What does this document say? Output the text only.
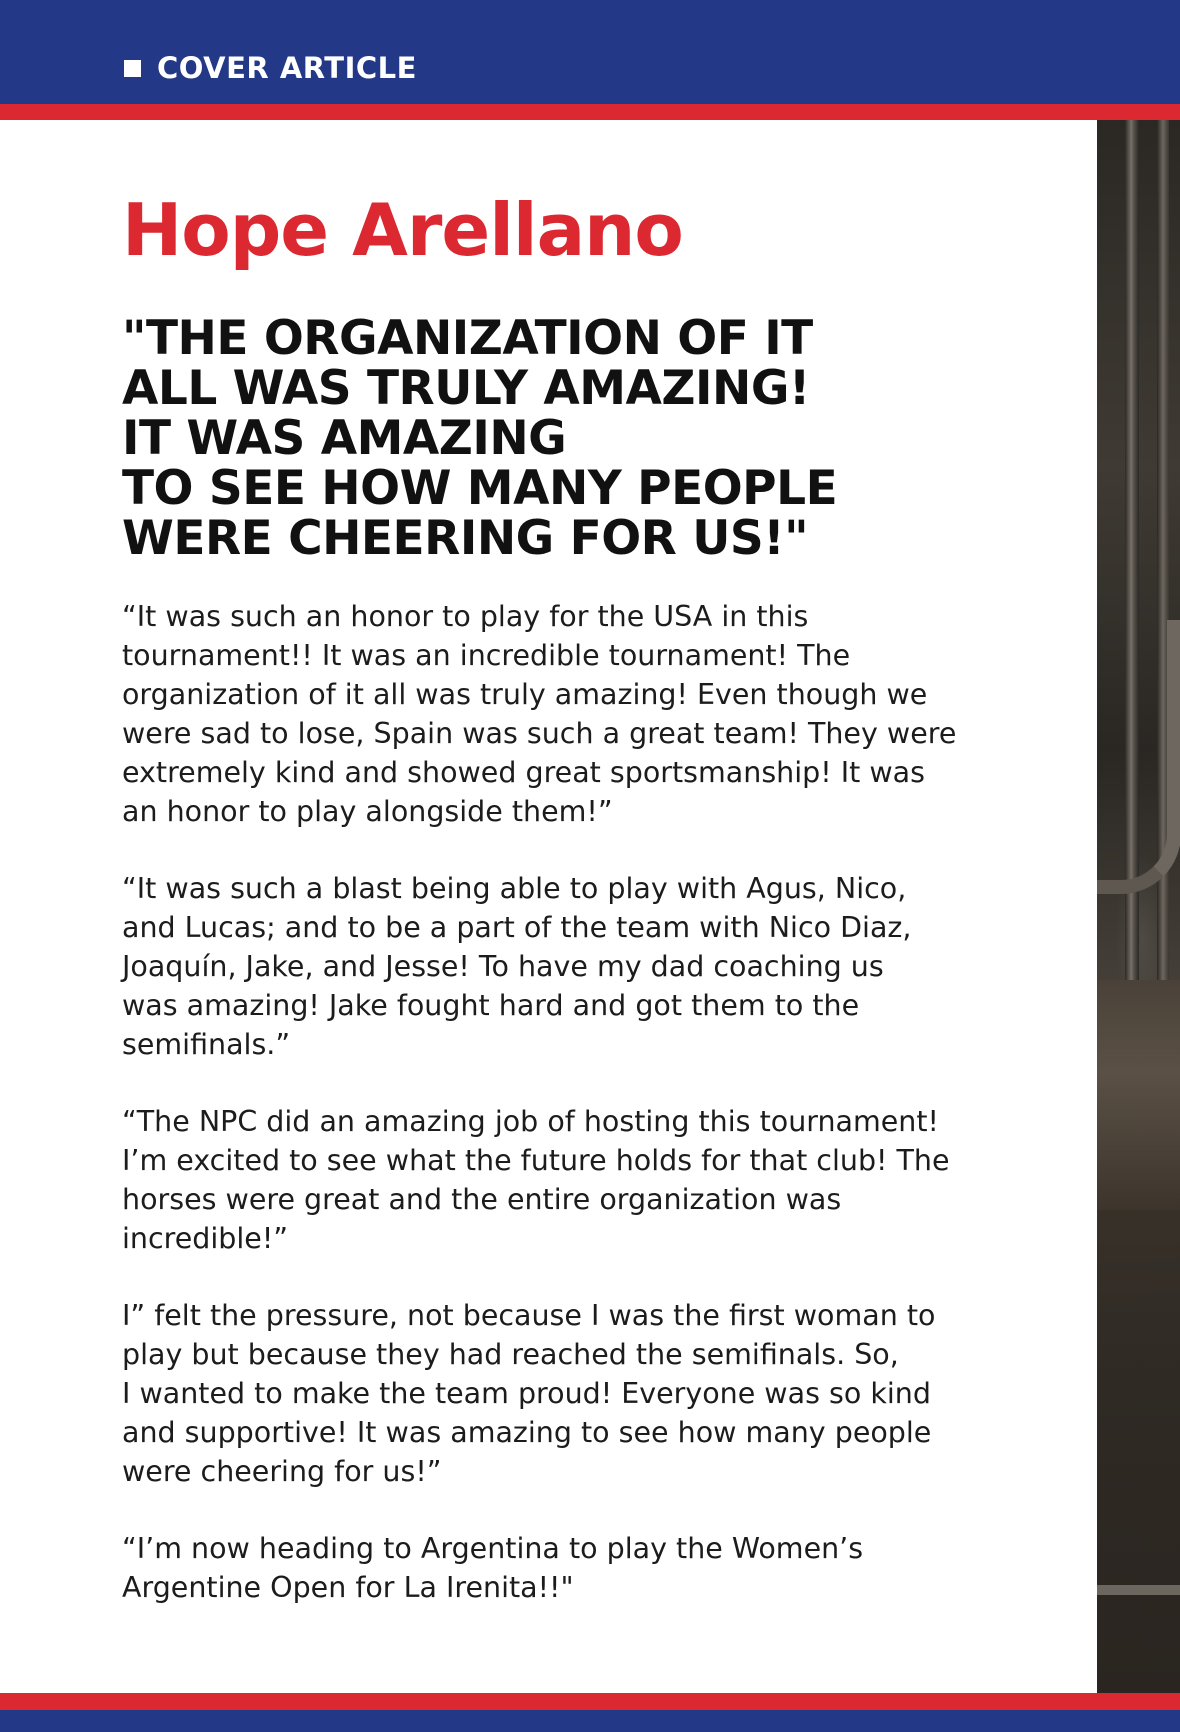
COVER ARTICLE
Hope Arellano
"THE ORGANIZATION OF IT
ALL WAS TRULY AMAZING!
IT WAS AMAZING
TO SEE HOW MANY PEOPLE
WERE CHEERING FOR US!"

“It was such an honor to play for the USA in this
tournament!! It was an incredible tournament! The
organization of it all was truly amazing! Even though we
were sad to lose, Spain was such a great team! They were
extremely kind and showed great sportsmanship! It was
an honor to play alongside them!”

“It was such a blast being able to play with Agus, Nico,
and Lucas; and to be a part of the team with Nico Diaz,
Joaquín, Jake, and Jesse! To have my dad coaching us
was amazing! Jake fought hard and got them to the
semifinals.”

“The NPC did an amazing job of hosting this tournament!
I’m excited to see what the future holds for that club! The
horses were great and the entire organization was
incredible!”

I” felt the pressure, not because I was the first woman to
play but because they had reached the semifinals. So,
I wanted to make the team proud! Everyone was so kind
and supportive! It was amazing to see how many people
were cheering for us!”

“I’m now heading to Argentina to play the Women’s
Argentine Open for La Irenita!!"
